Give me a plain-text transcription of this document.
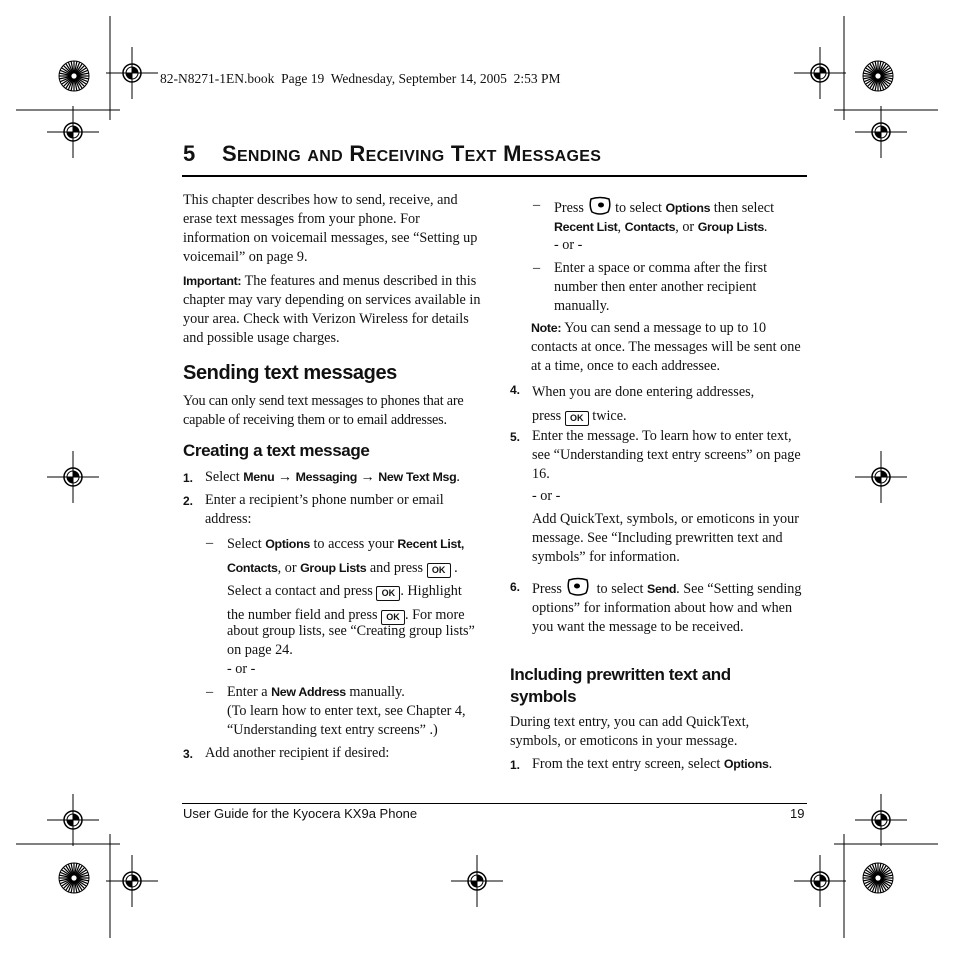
82-N8271-1EN.book  Page 19  Wednesday, September 14, 2005  2:53 PM
5 SENDING AND RECEIVING TEXT MESSAGES

This chapter describes how to send, receive, and erase text messages from your phone. For information on voicemail messages, see “Setting up voicemail” on page 9.

Important: The features and menus described in this chapter may vary depending on services available in your area. Check with Verizon Wireless for details and possible usage charges.

Sending text messages

You can only send text messages to phones that are capable of receiving them or to email addresses.

Creating a text message
1. Select Menu → Messaging → New Text Msg.

2. Enter a recipient’s phone number or email address:

– Select Options to access your Recent List,
Contacts, or Group Lists and press OK .
Select a contact and press OK . Highlight
the number field and press OK . For more

about group lists, see “Creating group lists” on page 24.

- or -

– Enter a New Address manually.

(To learn how to enter text, see Chapter 4, “Understanding text entry screens” .)

3. Add another recipient if desired:

– Press to select Options then select
Recent List, Contacts, or Group Lists.

- or -

– Enter a space or comma after the first number then enter another recipient manually.

Note: You can send a message to up to 10 contacts at once. The messages will be sent one at a time, once to each addressee.

4. When you are done entering addresses,
press OK twice.
5. Enter the message. To learn how to enter text, see “Understanding text entry screens” on page 16.

- or -

Add QuickText, symbols, or emoticons in your message. See “Including prewritten text and symbols” for information.

6. Press to select Send. See “Setting sending options” for information about how and when you want the message to be received.

Including prewritten text and symbols

During text entry, you can add QuickText, symbols, or emoticons in your message.

1. From the text entry screen, select Options.

User Guide for the Kyocera KX9a Phone	19
